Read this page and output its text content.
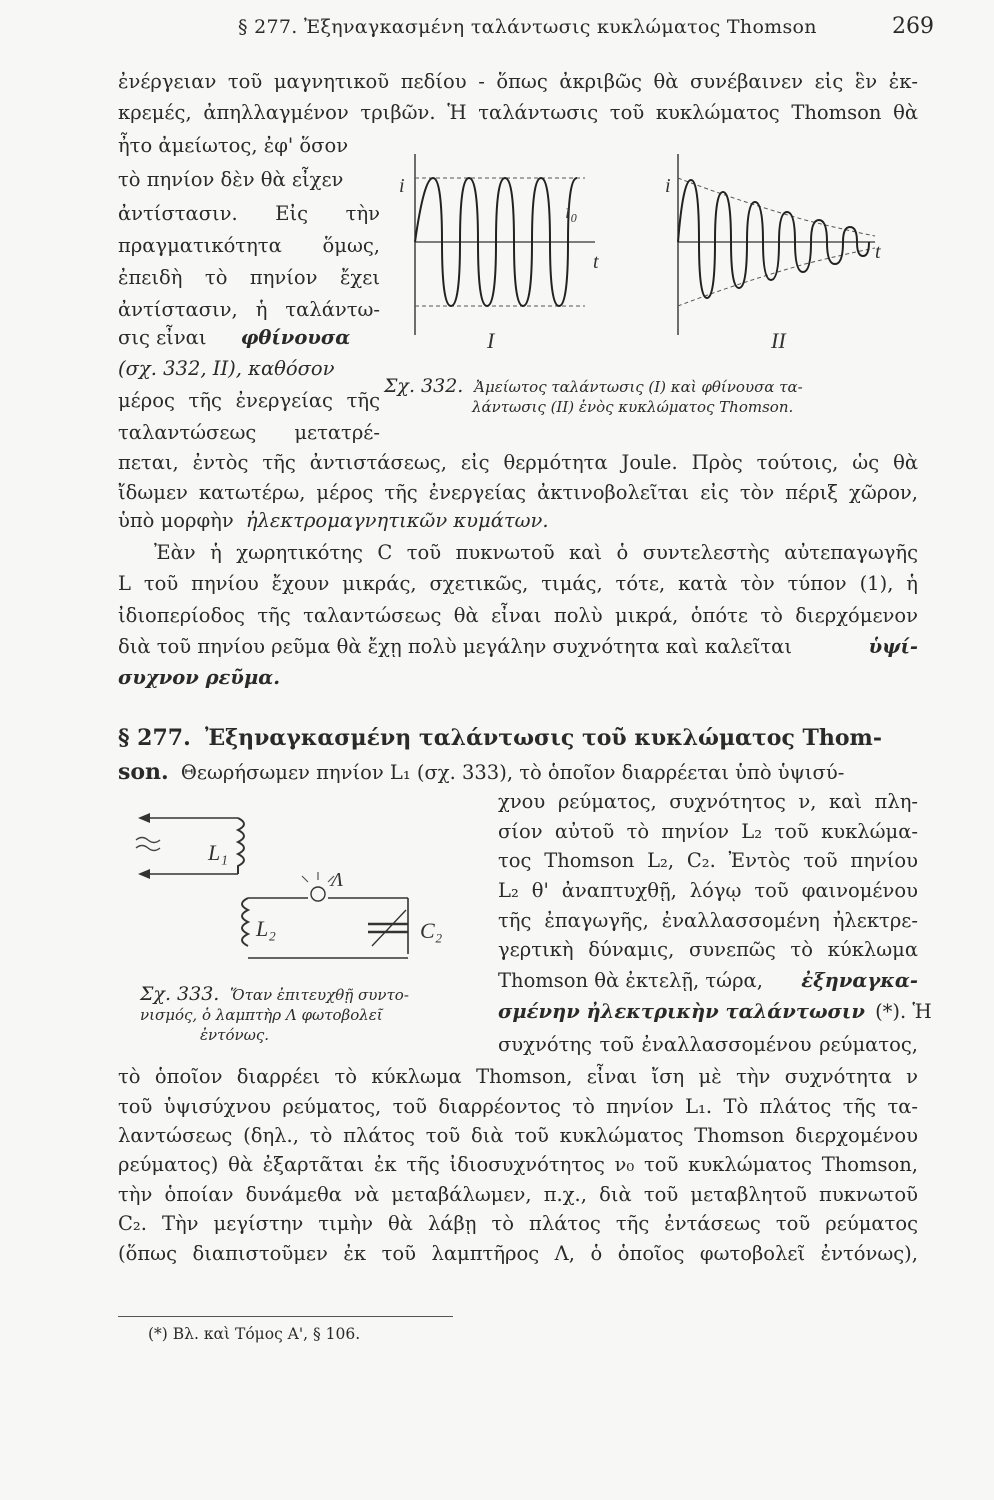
§ 277. Ἐξηναγκασμένη ταλάντωσις κυκλώματος Thomson	269
ἐνέργειαν τοῦ μαγνητικοῦ πεδίου - ὅπως ἀκριβῶς θὰ συνέβαινεν εἰς ἓν ἐκ-
κρεμές, ἀπηλλαγμένον τριβῶν. Ἡ ταλάντωσις τοῦ κυκλώματος Thomson θὰ
ἦτο ἀμείωτος, ἐφ' ὅσον
τὸ πηνίον δὲν θὰ εἶχεν
ἀντίστασιν. Εἰς τὴν
πραγματικότητα ὅμως,
ἐπειδὴ τὸ πηνίον ἔχει
ἀντίστασιν, ἡ ταλάντω-
σις εἶναι φθίνουσα
(σχ. 332, II), καθόσον
μέρος τῆς ἐνεργείας τῆς
ταλαντώσεως μετατρέ-
πεται, ἐντὸς τῆς ἀντιστάσεως, εἰς θερμότητα Joule. Πρὸς τούτοις, ὡς θὰ
ἴδωμεν κατωτέρω, μέρος τῆς ἐνεργείας ἀκτινοβολεῖται εἰς τὸν πέριξ χῶρον,
ὑπὸ μορφὴν ἠλεκτρομαγνητικῶν κυμάτων.
Ἐὰν ἡ χωρητικότης C τοῦ πυκνωτοῦ καὶ ὁ συντελεστὴς αὐτεπαγωγῆς
L τοῦ πηνίου ἔχουν μικράς, σχετικῶς, τιμάς, τότε, κατὰ τὸν τύπον (1), ἡ
ἰδιοπερίοδος τῆς ταλαντώσεως θὰ εἶναι πολὺ μικρά, ὁπότε τὸ διερχόμενον
διὰ τοῦ πηνίου ρεῦμα θὰ ἔχῃ πολὺ μεγάλην συχνότητα καὶ καλεῖται	ὑψί-
συχνον ρεῦμα.
§ 277. Ἐξηναγκασμένη ταλάντωσις τοῦ κυκλώματος Thom-
son. Θεωρήσωμεν πηνίον L₁ (σχ. 333), τὸ ὁποῖον διαρρέεται ὑπὸ ὑψισύ-
χνου ρεύματος, συχνότητος ν, καὶ πλη-
σίον αὐτοῦ τὸ πηνίον L₂ τοῦ κυκλώμα-
τος Thomson L₂, C₂. Ἐντὸς τοῦ πηνίου
L₂ θ' ἀναπτυχθῇ, λόγῳ τοῦ φαινομένου
τῆς ἐπαγωγῆς, ἐναλλασσομένη ἠλεκτρε-
γερτικὴ δύναμις, συνεπῶς τὸ κύκλωμα
Thomson θὰ ἐκτελῇ, τώρα, ἐξηναγκα-
σμένην ἠλεκτρικὴν ταλάντωσιν (*). Ἡ
συχνότης τοῦ ἐναλλασσομένου ρεύματος,
τὸ ὁποῖον διαρρέει τὸ κύκλωμα Thomson, εἶναι ἴση μὲ τὴν συχνότητα ν
τοῦ ὑψισύχνου ρεύματος, τοῦ διαρρέοντος τὸ πηνίον L₁. Τὸ πλάτος τῆς τα-
λαντώσεως (δηλ., τὸ πλάτος τοῦ διὰ τοῦ κυκλώματος Thomson διερχομένου
ρεύματος) θὰ ἐξαρτᾶται ἐκ τῆς ἰδιοσυχνότητος ν₀ τοῦ κυκλώματος Thomson,
τὴν ὁποίαν δυνάμεθα νὰ μεταβάλωμεν, π.χ., διὰ τοῦ μεταβλητοῦ πυκνωτοῦ
C₂. Τὴν μεγίστην τιμὴν θὰ λάβῃ τὸ πλάτος τῆς ἐντάσεως τοῦ ρεύματος
(ὅπως διαπιστοῦμεν ἐκ τοῦ λαμπτῆρος Λ, ὁ ὁποῖος φωτοβολεῖ ἐντόνως),
i
i₀
t
I
i
t
II
Σχ. 332. Ἀμείωτος ταλάντωσις (I) καὶ φθίνουσα τα-
λάντωσις (II) ἑνὸς κυκλώματος Thomson.
L₁
L₂
Λ
C₂
Σχ. 333. Ὅταν ἐπιτευχθῇ συντο-
νισμός, ὁ λαμπτὴρ Λ φωτοβολεῖ
ἐντόνως.
(*) Βλ. καὶ Τόμος Α', § 106.
